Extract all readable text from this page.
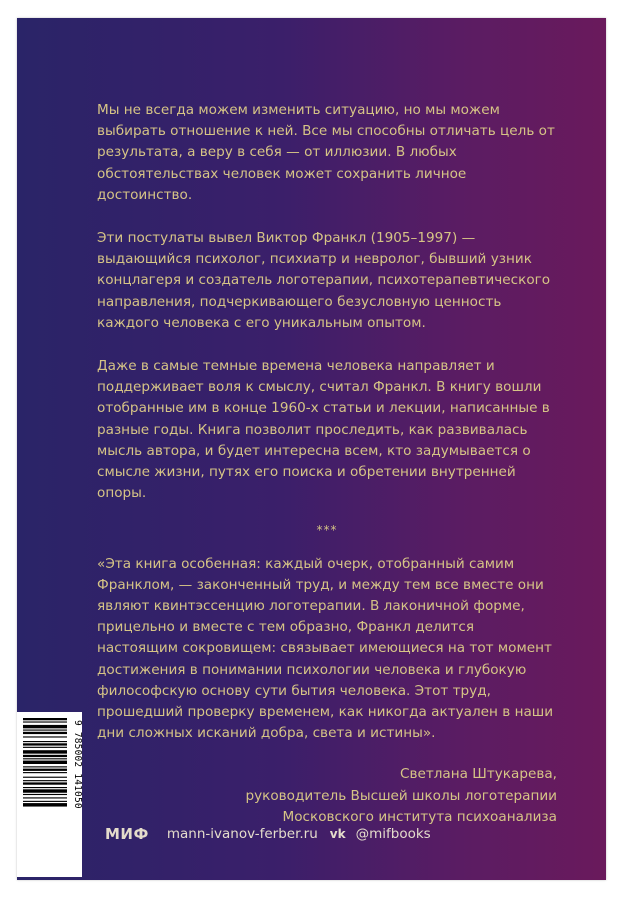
Мы не всегда можем изменить ситуацию, но мы можем выбирать отношение к ней. Все мы способны отличать цель от результата, а веру в себя — от иллюзии. В любых обстоятельствах человек может сохранить личное достоинство.

Эти постулаты вывел Виктор Франкл (1905–1997) — выдающийся психолог, психиатр и невролог, бывший узник концлагеря и создатель логотерапии, психотерапевтического направления, подчеркивающего безусловную ценность каждого человека с его уникальным опытом.

Даже в самые темные времена человека направляет и поддерживает воля к смыслу, считал Франкл. В книгу вошли отобранные им в конце 1960-х статьи и лекции, написанные в разные годы. Книга позволит проследить, как развивалась мысль автора, и будет интересна всем, кто задумывается о смысле жизни, путях его поиска и обретении внутренней опоры.

***

«Эта книга особенная: каждый очерк, отобранный самим Франклом, — законченный труд, и между тем все вместе они являют квинтэссенцию логотерапии. В лаконичной форме, прицельно и вместе с тем образно, Франкл делится настоящим сокровищем: связывает имеющиеся на тот момент достижения в понимании психологии человека и глубокую философскую основу сути бытия человека. Этот труд, прошедший проверку временем, как никогда актуален в наши дни сложных исканий добра, света и истины».

Светлана Штукарева,
руководитель Высшей школы логотерапии
Московского института психоанализа
9 785002 141050
МИФ mann-ivanov-ferber.ru vk @mifbooks
